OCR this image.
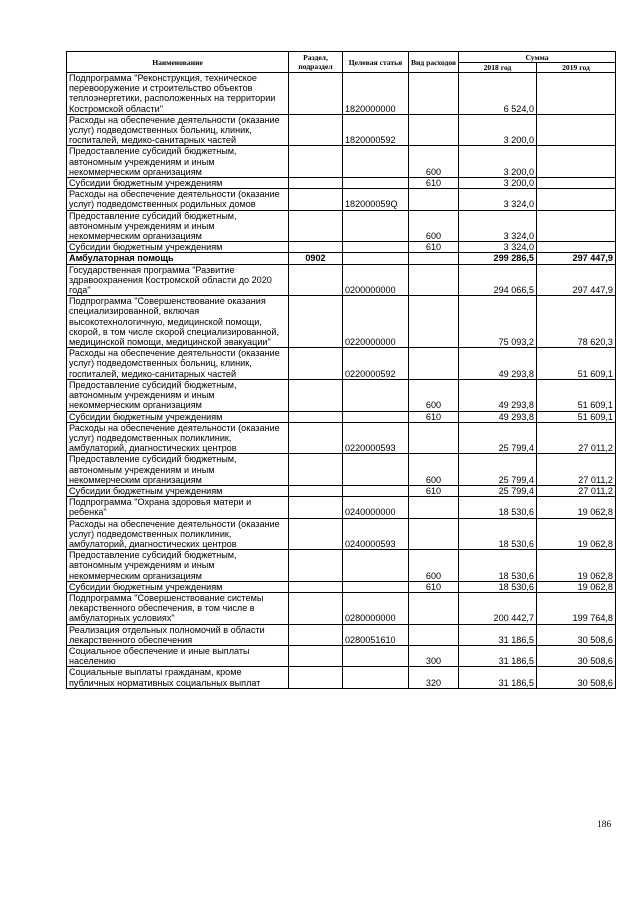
Наименование	Раздел, подраздел	Целевая статья	Вид расходов	Сумма	
				2018 год	2019 год
Подпрограмма "Реконструкция, техническое перевооружение и строительство объектов теплоэнергетики, расположенных на территории Костромской области"		1820000000		6 524,0	
Расходы на обеспечение деятельности (оказание услуг) подведомственных больниц, клиник, госпиталей, медико-санитарных частей		1820000592		3 200,0	
Предоставление субсидий бюджетным, автономным учреждениям и иным некоммерческим организациям			600	3 200,0	
Субсидии бюджетным учреждениям			610	3 200,0	
Расходы на обеспечение деятельности (оказание услуг) подведомственных родильных домов		182000059Q		3 324,0	
Предоставление субсидий бюджетным, автономным учреждениям и иным некоммерческим организациям			600	3 324,0	
Субсидии бюджетным учреждениям			610	3 324,0	
Амбулаторная помощь	0902			299 286,5	297 447,9
Государственная программа "Развитие здравоохранения Костромской области до 2020 года"		0200000000		294 066,5	297 447,9
Подпрограмма "Совершенствование оказания специализированной, включая высокотехнологичную, медицинской помощи, скорой, в том числе скорой специализированной, медицинской помощи, медицинской эвакуации"		0220000000		75 093,2	78 620,3
Расходы на обеспечение деятельности (оказание услуг) подведомственных больниц, клиник, госпиталей, медико-санитарных частей		0220000592		49 293,8	51 609,1
Предоставление субсидий бюджетным, автономным учреждениям и иным некоммерческим организациям			600	49 293,8	51 609,1
Субсидии бюджетным учреждениям			610	49 293,8	51 609,1
Расходы на обеспечение деятельности (оказание услуг) подведомственных поликлиник, амбулаторий, диагностических центров		0220000593		25 799,4	27 011,2
Предоставление субсидий бюджетным, автономным учреждениям и иным некоммерческим организациям			600	25 799,4	27 011,2
Субсидии бюджетным учреждениям			610	25 799,4	27 011,2
Подпрограмма "Охрана здоровья матери и ребенка"		0240000000		18 530,6	19 062,8
Расходы на обеспечение деятельности (оказание услуг) подведомственных поликлиник, амбулаторий, диагностических центров		0240000593		18 530,6	19 062,8
Предоставление субсидий бюджетным, автономным учреждениям и иным некоммерческим организациям			600	18 530,6	19 062,8
Субсидии бюджетным учреждениям			610	18 530,6	19 062,8
Подпрограмма "Совершенствование системы лекарственного обеспечения, в том числе в амбулаторных условиях"		0280000000		200 442,7	199 764,8
Реализация отдельных полномочий в области лекарственного обеспечения		0280051610		31 186,5	30 508,6
Социальное обеспечение и иные выплаты населению			300	31 186,5	30 508,6
Социальные выплаты гражданам, кроме публичных нормативных социальных выплат			320	31 186,5	30 508,6
186
